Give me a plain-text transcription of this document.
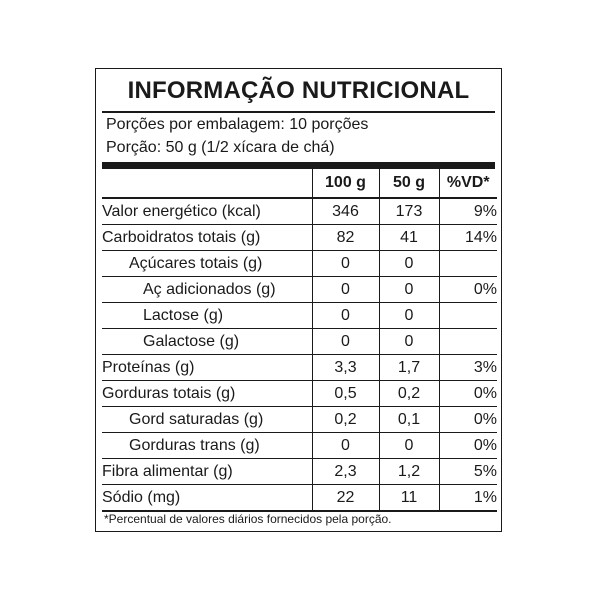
INFORMAÇÃO NUTRICIONAL
Porções por embalagem: 10 porções
Porção: 50 g (1/2 xícara de chá)
	100 g	50 g	%VD*
Valor energético (kcal)	346	173	9%
Carboidratos totais (g)	82	41	14%
Açúcares totais (g)	0	0	
Aç adicionados (g)	0	0	0%
Lactose (g)	0	0	
Galactose (g)	0	0	
Proteínas (g)	3,3	1,7	3%
Gorduras totais (g)	0,5	0,2	0%
Gord saturadas (g)	0,2	0,1	0%
Gorduras trans (g)	0	0	0%
Fibra alimentar (g)	2,3	1,2	5%
Sódio (mg)	22	11	1%
*Percentual de valores diários fornecidos pela porção.
